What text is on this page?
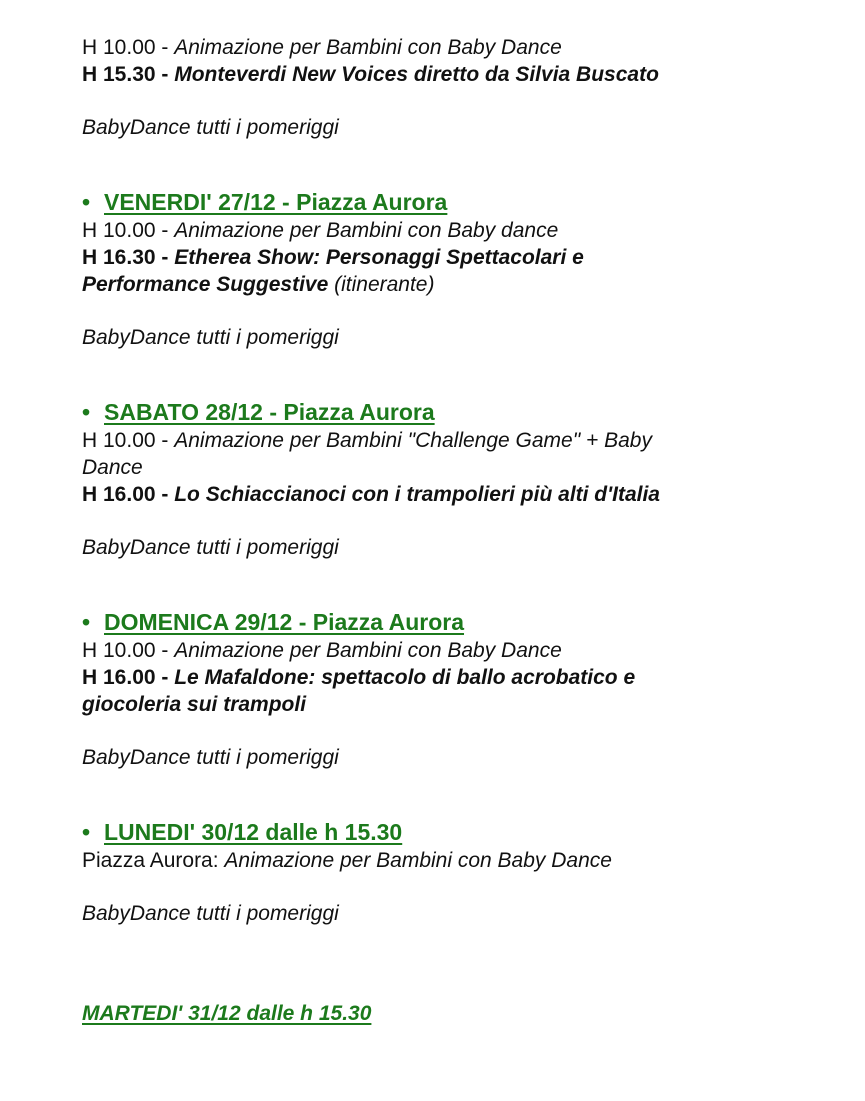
H 10.00 - Animazione per Bambini con Baby Dance

H 15.30 - Monteverdi New Voices diretto da Silvia Buscato

BabyDance tutti i pomeriggi

• VENERDI' 27/12 - Piazza Aurora

H 10.00 - Animazione per Bambini con Baby dance

H 16.30 - Etherea Show: Personaggi Spettacolari e

Performance Suggestive (itinerante)

BabyDance tutti i pomeriggi

• SABATO 28/12 - Piazza Aurora

H 10.00 - Animazione per Bambini "Challenge Game" + Baby

Dance

H 16.00 - Lo Schiaccianoci con i trampolieri più alti d'Italia

BabyDance tutti i pomeriggi

• DOMENICA 29/12 - Piazza Aurora

H 10.00 - Animazione per Bambini con Baby Dance

H 16.00 - Le Mafaldone: spettacolo di ballo acrobatico e

giocoleria sui trampoli

BabyDance tutti i pomeriggi

• LUNEDI' 30/12 dalle h 15.30

Piazza Aurora: Animazione per Bambini con Baby Dance

BabyDance tutti i pomeriggi

MARTEDI' 31/12 dalle h 15.30
